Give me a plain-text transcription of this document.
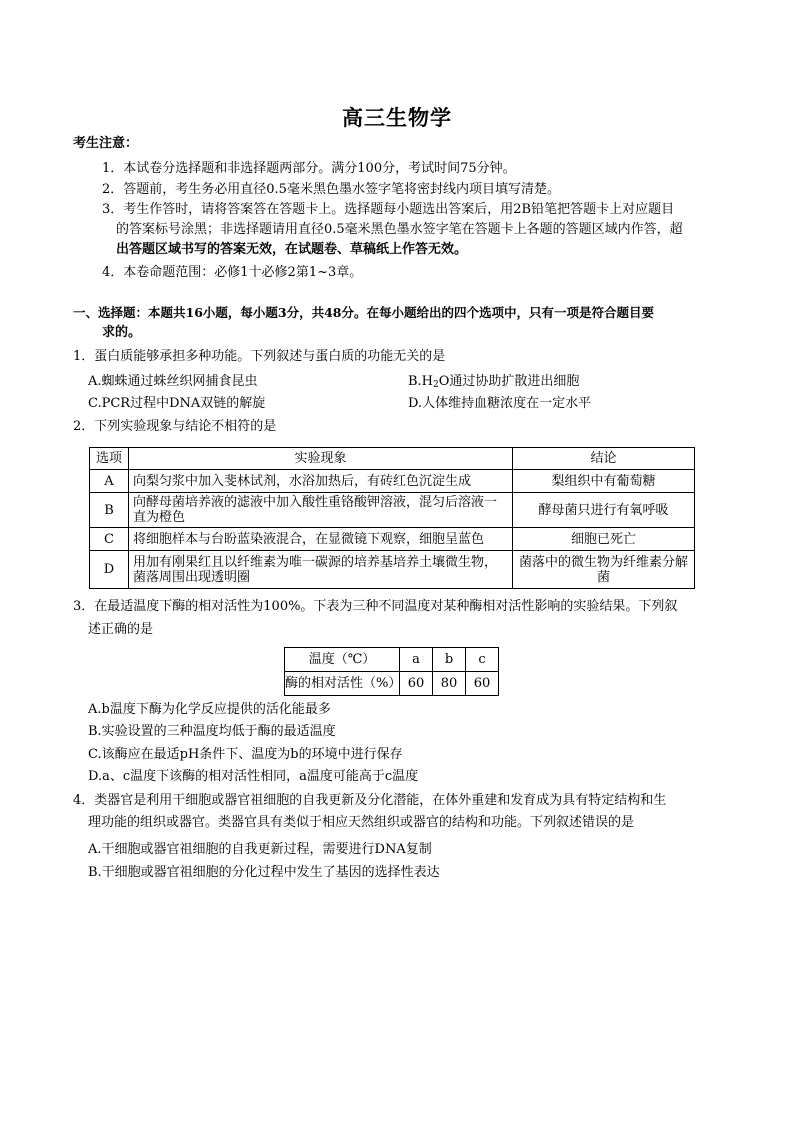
高三生物学
考生注意：
1．本试卷分选择题和非选择题两部分。满分100分，考试时间75分钟。
2．答题前，考生务必用直径0.5毫米黑色墨水签字笔将密封线内项目填写清楚。
3．考生作答时，请将答案答在答题卡上。选择题每小题选出答案后，用2B铅笔把答题卡上对应题目
的答案标号涂黑；非选择题请用直径0.5毫米黑色墨水签字笔在答题卡上各题的答题区域内作答，超
出答题区域书写的答案无效，在试题卷、草稿纸上作答无效。
4．本卷命题范围：必修1十必修2第1~3章。
一、选择题：本题共16小题，每小题3分，共48分。在每小题给出的四个选项中，只有一项是符合题目要
求的。
1．蛋白质能够承担多种功能。下列叙述与蛋白质的功能无关的是
A.蜘蛛通过蛛丝织网捕食昆虫	$B.H_2O$通过协助扩散进出细胞
C.PCR过程中DNA双链的解旋	D.人体维持血糖浓度在一定水平
2．下列实验现象与结论不相符的是
选项	实验现象	结论
A	向梨匀浆中加入斐林试剂，水浴加热后，有砖红色沉淀生成	梨组织中有葡萄糖
B	向酵母菌培养液的滤液中加入酸性重铬酸钾溶液，混匀后溶液一直为橙色	酵母菌只进行有氧呼吸
C	将细胞样本与台盼蓝染液混合，在显微镜下观察，细胞呈蓝色	细胞已死亡
D	用加有刚果红且以纤维素为唯一碳源的培养基培养土壤微生物，菌落周围出现透明圈	菌落中的微生物为纤维素分解菌
3．在最适温度下酶的相对活性为100%。下表为三种不同温度对某种酶相对活性影响的实验结果。下列叙
述正确的是
温度（℃）	a	b	c
酶的相对活性（%）	60	80	60
A.b温度下酶为化学反应提供的活化能最多
B.实验设置的三种温度均低于酶的最适温度
C.该酶应在最适pH条件下、温度为b的环境中进行保存
D.a、c温度下该酶的相对活性相同，a温度可能高于c温度
4．类器官是利用干细胞或器官祖细胞的自我更新及分化潜能，在体外重建和发育成为具有特定结构和生
理功能的组织或器官。类器官具有类似于相应天然组织或器官的结构和功能。下列叙述错误的是
A.干细胞或器官祖细胞的自我更新过程，需要进行DNA复制
B.干细胞或器官祖细胞的分化过程中发生了基因的选择性表达
